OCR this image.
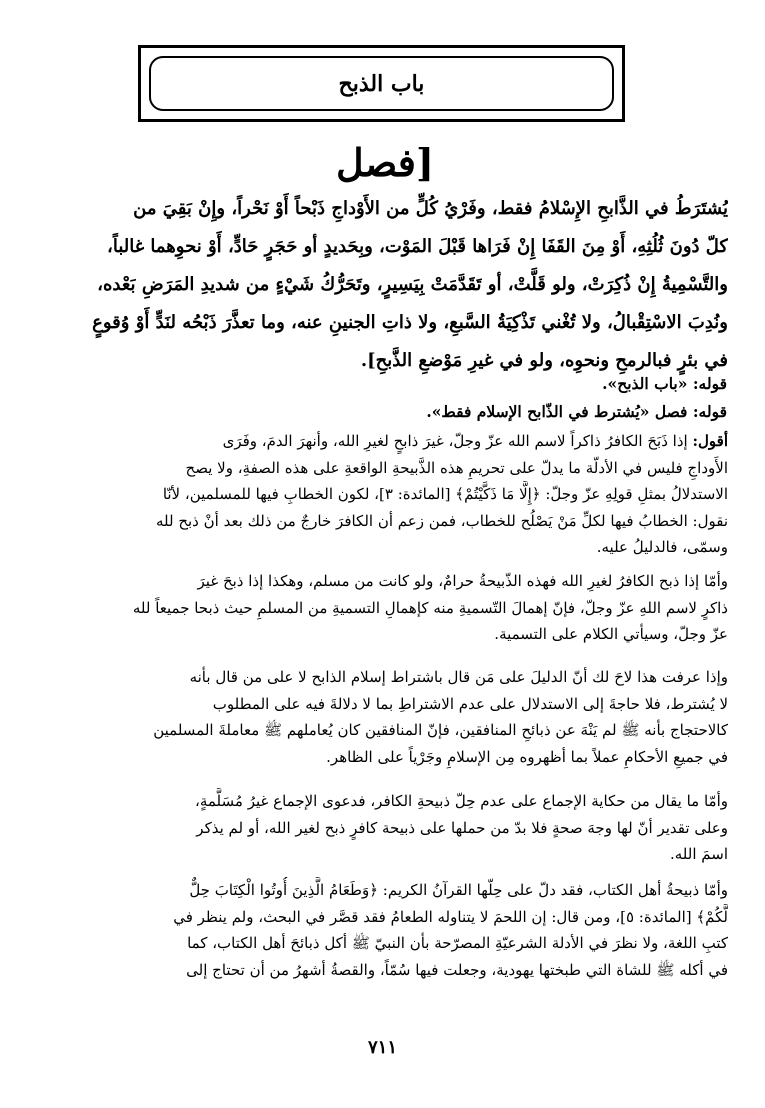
باب الذبح
[فصل
يُشتَرَطُ في الذَّابحِ الإِسْلامُ فقط، وفَرْيُ كُلٍّ من الأَوْداجِ ذَبْحاً أَوْ نَحْراً، وإِنْ بَقِيَ من
كلّ دُونَ ثُلُثِهِ، أَوْ مِنَ القَفَا إِنْ فَرَاها قَبْلَ المَوْت، وبِحَديدٍ أو حَجَرٍ حَادٍّ، أَوْ نحوِهما غالباً،
والتَّسْمِيةُ إِنْ ذُكِرَتْ، ولو قَلَّتْ، أو تَقَدَّمَتْ بِيَسِيرٍ، وتَحَرُّكُ شَيْءٍ من شديدِ المَرَضِ بَعْده،
ونُدِبَ الاسْتِقْبالُ، ولا تُغْني تَذْكِيَةُ السَّبعِ، ولا ذاتِ الجنينِ عنه، وما تعذَّرَ ذَبْحُه لنَدٍّ أَوْ وُقوعٍ
في بئرٍ فبالرمحِ ونحوِه، ولو في غيرِ مَوْضعِ الذَّبحِ].
قوله: «باب الذبح».
قوله: فصل «يُشترط في الذّابح الإسلام فقط».
أقول: إذا ذَبَحَ الكافرُ ذاكراً لاسم الله عزّ وجلّ، غيرَ ذابحٍ لغيرِ الله، وأنهرَ الدمَ، وفَرَى
الأَوداجِ فليس في الأدلّة ما يدلّ على تحريمِ هذه الذَّبيحةِ الواقعةِ على هذه الصفةِ، ولا يصح
الاستدلالُ بمثلِ قولِهِ عزّ وجلّ: ﴿إِلَّا مَا ذَكَّيْتُمْ﴾ [المائدة: ٣]، لكون الخطابِ فيها للمسلمين، لأنّا
نقول: الخطابُ فيها لكلِّ مَنْ يَصْلُح للخطاب، فمن زعم أن الكافرَ خارجٌ من ذلك بعد أنْ ذبح لله
وسمّى، فالدليلُ عليه.
وأمّا إذا ذبح الكافرُ لغيرِ الله فهذه الذّبيحةُ حرامٌ، ولو كانت من مسلم، وهكذا إذا ذبحَ غيرَ
ذاكرٍ لاسم اللهِ عزّ وجلّ، فإنّ إهمالَ التّسميةِ منه كإهمالِ التسميةِ من المسلمِ حيث ذبحا جميعاً لله
عزّ وجلّ، وسيأتي الكلام على التسمية.
وإذا عرفت هذا لاحَ لك أنّ الدليلَ على مَن قال باشتراط إسلام الذابح لا على من قال بأنه
لا يُشترط، فلا حاجةَ إلى الاستدلال على عدم الاشتراطِ بما لا دلالةَ فيه على المطلوب
كالاحتجاج بأنه ﷺ لم يَنْهَ عن ذبائحِ المنافقين، فإنّ المنافقين كان يُعاملهم ﷺ معاملةَ المسلمين
في جميعِ الأحكامِ عملاً بما أظهروه مِن الإسلامِ وجَرْياً على الظاهر.
وأمّا ما يقال من حكاية الإجماع على عدم حِلّ ذبيحةِ الكافر، فدعوى الإجماع غيرُ مُسَلَّمةٍ،
وعلى تقدير أنّ لها وجهَ صحةٍ فلا بدّ من حملها على ذبيحة كافرٍ ذبح لغير الله، أو لم يذكر
اسمَ الله.
وأمّا ذبيحةُ أهل الكتاب، فقد دلّ على حِلّها القرآنُ الكريم: ﴿وَطَعَامُ الَّذِينَ أُوتُوا الْكِتَابَ حِلٌّ
لَّكُمْ﴾ [المائدة: ٥]، ومن قال: إن اللحمَ لا يتناوله الطعامُ فقد قصَّر في البحث، ولم ينظر في
كتبِ اللغة، ولا نظرَ في الأدلة الشرعيّةِ المصرّحة بأن النبيّ ﷺ أكل ذبائحَ أهل الكتاب، كما
في أكله ﷺ للشاة التي طبختها يهودية، وجعلت فيها سُمّاً، والقصةُ أشهرُ من أن تحتاج إلى
٧١١
